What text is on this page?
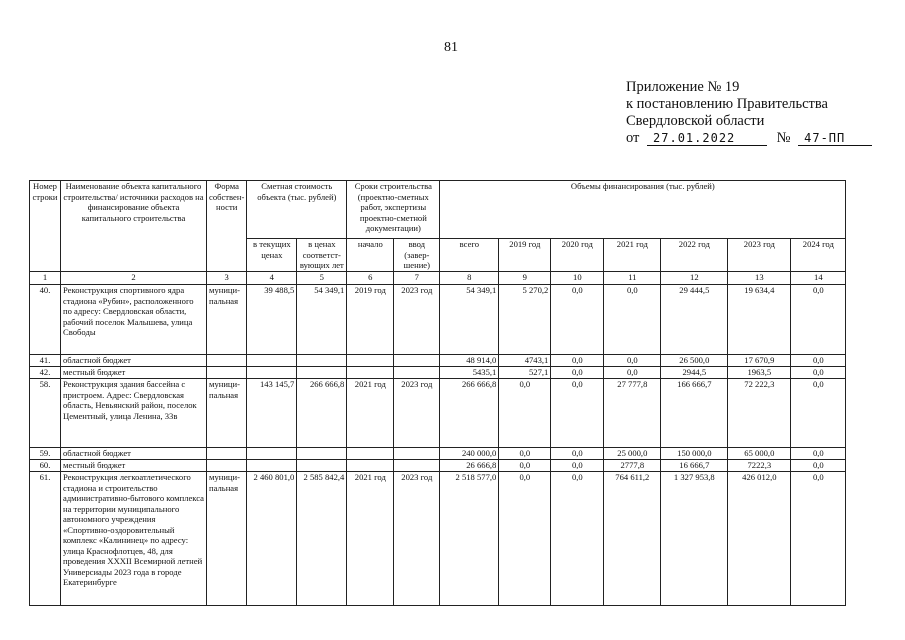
81
Приложение № 19
к постановлению Правительства
Свердловской области
от 27.01.2022	№ 47-ПП
Номер строки	Наименование объекта капитального строительства/ источники расходов на финансирование объекта капитального строительства	Форма собствен-ности	Сметная стоимость объекта (тыс. рублей)		Сроки строительства (проектно-сметных работ, экспертизы проектно-сметной документации)		Объемы финансирования (тыс. рублей)						
			в текущих ценах	в ценах соответст-вующих лет	начало	ввод (завер-шение)	всего	2019 год	2020 год	2021 год	2022 год	2023 год	2024 год
1	2	3	4	5	6	7	8	9	10	11	12	13	14
40.	Реконструкция спортивного ядра стадиона «Рубин», расположенного по адресу: Свердловская области, рабочий поселок Малышева, улица Свободы	муници-пальная	39 488,5	54 349,1	2019 год	2023 год	54 349,1	5 270,2	0,0	0,0	29 444,5	19 634,4	0,0
41.	областной бюджет						48 914,0	4743,1	0,0	0,0	26 500,0	17 670,9	0,0
42.	местный бюджет						5435,1	527,1	0,0	0,0	2944,5	1963,5	0,0
58.	Реконструкция здания бассейна с пристроем. Адрес: Свердловская область, Невьянский район, поселок Цементный, улица Ленина, 33в	муници-пальная	143 145,7	266 666,8	2021 год	2023 год	266 666,8	0,0	0,0	27 777,8	166 666,7	72 222,3	0,0
59.	областной бюджет						240 000,0	0,0	0,0	25 000,0	150 000,0	65 000,0	0,0
60.	местный бюджет						26 666,8	0,0	0,0	2777,8	16 666,7	7222,3	0,0
61.	Реконструкция легкоатлетического стадиона и строительство административно-бытового комплекса на территории муниципального автономного учреждения «Спортивно-оздоровительный комплекс «Калининец» по адресу: улица Краснофлотцев, 48, для проведения XXXII Всемирной летней Универсиады 2023 года в городе Екатеринбурге	муници-пальная	2 460 801,0	2 585 842,4	2021 год	2023 год	2 518 577,0	0,0	0,0	764 611,2	1 327 953,8	426 012,0	0,0
